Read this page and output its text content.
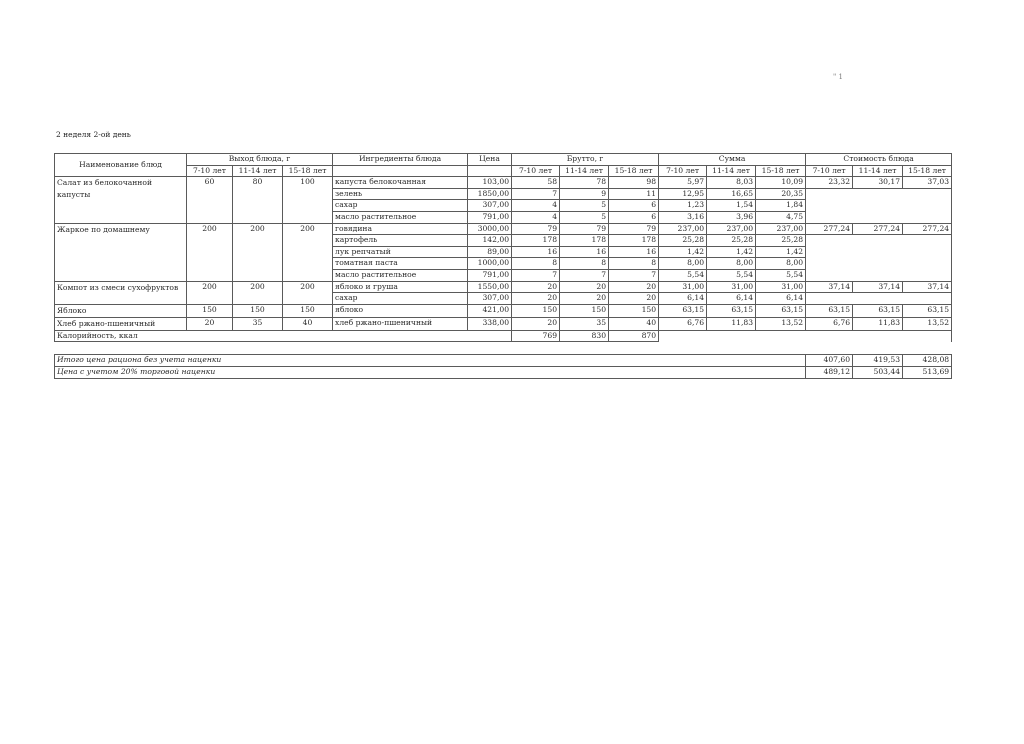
" 1
2 неделя 2-ой день
Наименование блюд	Выход блюда, г			Ингредиенты блюда	Цена	Брутто, г			Сумма			Стоимость блюда		
	7-10 лет	11-14 лет	15-18 лет			7-10 лет	11-14 лет	15-18 лет	7-10 лет	11-14 лет	15-18 лет	7-10 лет	11-14 лет	15-18 лет
Салат из белокочанной капусты	60	80	100	капуста белокочанная	103,00	58	78	98	5,97	8,03	10,09	23,32	30,17	37,03
				зелень	1850,00	7	9	11	12,95	16,65	20,35			
				сахар	307,00	4	5	6	1,23	1,54	1,84			
				масло растительное	791,00	4	5	6	3,16	3,96	4,75			
Жаркое по домашнему	200	200	200	говядина	3000,00	79	79	79	237,00	237,00	237,00	277,24	277,24	277,24
				картофель	142,00	178	178	178	25,28	25,28	25,28			
				лук репчатый	89,00	16	16	16	1,42	1,42	1,42			
				томатная паста	1000,00	8	8	8	8,00	8,00	8,00			
				масло растительное	791,00	7	7	7	5,54	5,54	5,54			
Компот из смеси сухофруктов	200	200	200	яблоко и груша	1550,00	20	20	20	31,00	31,00	31,00	37,14	37,14	37,14
				сахар	307,00	20	20	20	6,14	6,14	6,14			
Яблоко	150	150	150	яблоко	421,00	150	150	150	63,15	63,15	63,15	63,15	63,15	63,15
Хлеб ржано-пшеничный	20	35	40	хлеб ржано-пшеничный	338,00	20	35	40	6,76	11,83	13,52	6,76	11,83	13,52
Калорийность, ккал						769	830	870						

Итого цена рациона без учета наценки												407,60	419,53	428,08
Цена с учетом 20% торговой наценки												489,12	503,44	513,69
